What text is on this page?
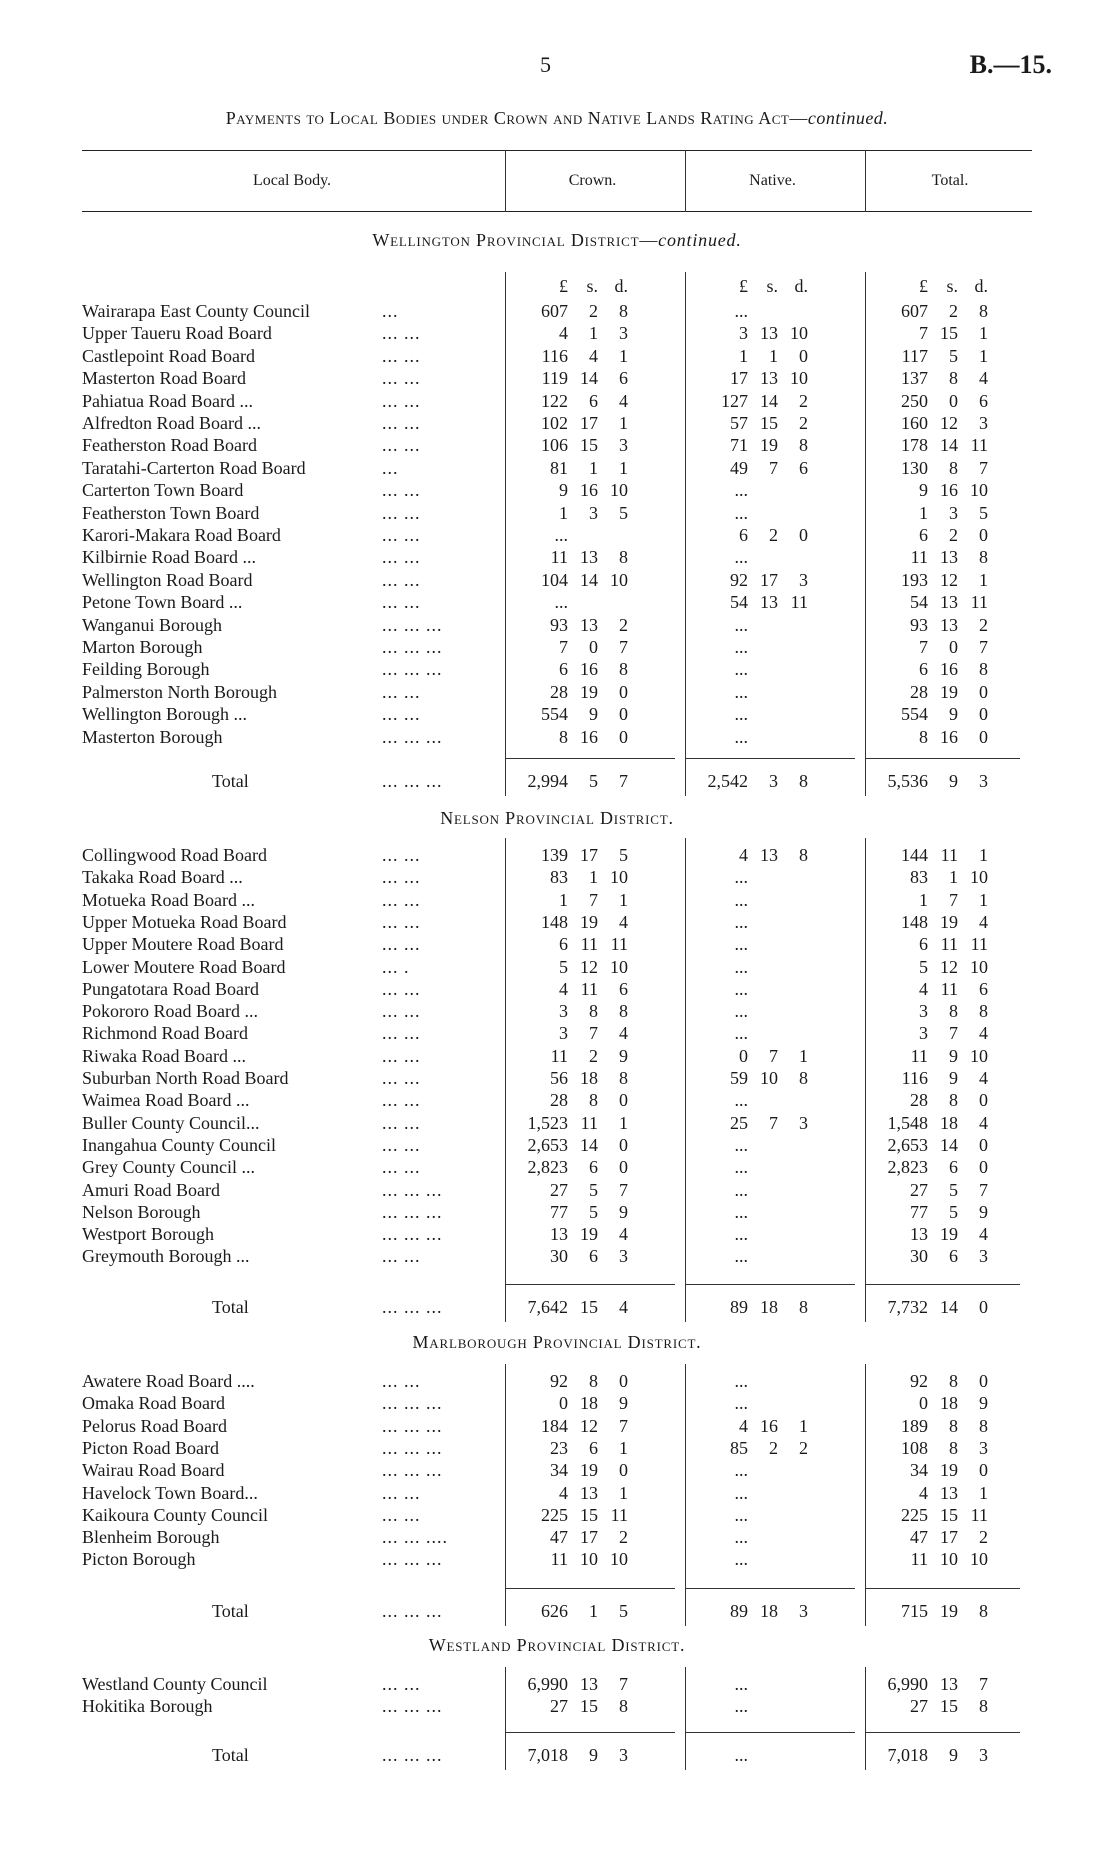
5	B.—15.
Payments to Local Bodies under Crown and Native Lands Rating Act—continued.
Local Body.	Crown.	Native.	Total.
Wellington Provincial District—continued.
£ s. d.	£ s. d.	£ s. d.
Wairarapa East County Council	...	607 2 8	...	607 2 8
Upper Taueru Road Board	... ...	4 1 3	3 13 10	7 15 1
Castlepoint Road Board	... ...	116 4 1	1 1 0	117 5 1
Masterton Road Board	... ...	119 14 6	17 13 10	137 8 4
Pahiatua Road Board ...	... ...	122 6 4	127 14 2	250 0 6
Alfredton Road Board ...	... ...	102 17 1	57 15 2	160 12 3
Featherston Road Board	... ...	106 15 3	71 19 8	178 14 11
Taratahi-Carterton Road Board	...	81 1 1	49 7 6	130 8 7
Carterton Town Board	... ...	9 16 10	...	9 16 10
Featherston Town Board	... ...	1 3 5	...	1 3 5
Karori-Makara Road Board	... ...	...	6 2 0	6 2 0
Kilbirnie Road Board ...	... ...	11 13 8	...	11 13 8
Wellington Road Board	... ...	104 14 10	92 17 3	193 12 1
Petone Town Board ...	... ...	...	54 13 11	54 13 11
Wanganui Borough	... ... ...	93 13 2	...	93 13 2
Marton Borough	... ... ...	7 0 7	...	7 0 7
Feilding Borough	... ... ...	6 16 8	...	6 16 8
Palmerston North Borough	... ...	28 19 0	...	28 19 0
Wellington Borough ...	... ...	554 9 0	...	554 9 0
Masterton Borough	... ... ...	8 16 0	...	8 16 0
Total	... ... ...	2,994 5 7	2,542 3 8	5,536 9 3
Nelson Provincial District.
Collingwood Road Board	... ...	139 17 5	4 13 8	144 11 1
Takaka Road Board ...	... ...	83 1 10	...	83 1 10
Motueka Road Board ...	... ...	1 7 1	...	1 7 1
Upper Motueka Road Board	... ...	148 19 4	...	148 19 4
Upper Moutere Road Board	... ...	6 11 11	...	6 11 11
Lower Moutere Road Board	... .	5 12 10	...	5 12 10
Pungatotara Road Board	... ...	4 11 6	...	4 11 6
Pokororo Road Board ...	... ...	3 8 8	...	3 8 8
Richmond Road Board	... ...	3 7 4	...	3 7 4
Riwaka Road Board ...	... ...	11 2 9	0 7 1	11 9 10
Suburban North Road Board	... ...	56 18 8	59 10 8	116 9 4
Waimea Road Board ...	... ...	28 8 0	...	28 8 0
Buller County Council...	... ...	1,523 11 1	25 7 3	1,548 18 4
Inangahua County Council	... ...	2,653 14 0	...	2,653 14 0
Grey County Council ...	... ...	2,823 6 0	...	2,823 6 0
Amuri Road Board	... ... ...	27 5 7	...	27 5 7
Nelson Borough	... ... ...	77 5 9	...	77 5 9
Westport Borough	... ... ...	13 19 4	...	13 19 4
Greymouth Borough ...	... ...	30 6 3	...	30 6 3
Total	... ... ...	7,642 15 4	89 18 8	7,732 14 0
Marlborough Provincial District.
Awatere Road Board ....	... ...	92 8 0	...	92 8 0
Omaka Road Board	... ... ...	0 18 9	...	0 18 9
Pelorus Road Board	... ... ...	184 12 7	4 16 1	189 8 8
Picton Road Board	... ... ...	23 6 1	85 2 2	108 8 3
Wairau Road Board	... ... ...	34 19 0	...	34 19 0
Havelock Town Board...	... ...	4 13 1	...	4 13 1
Kaikoura County Council	... ...	225 15 11	...	225 15 11
Blenheim Borough	... ... ....	47 17 2	...	47 17 2
Picton Borough	... ... ...	11 10 10	...	11 10 10
Total	... ... ...	626 1 5	89 18 3	715 19 8
Westland Provincial District.
Westland County Council	... ...	6,990 13 7	...	6,990 13 7
Hokitika Borough	... ... ...	27 15 8	...	27 15 8
Total	... ... ...	7,018 9 3	...	7,018 9 3
